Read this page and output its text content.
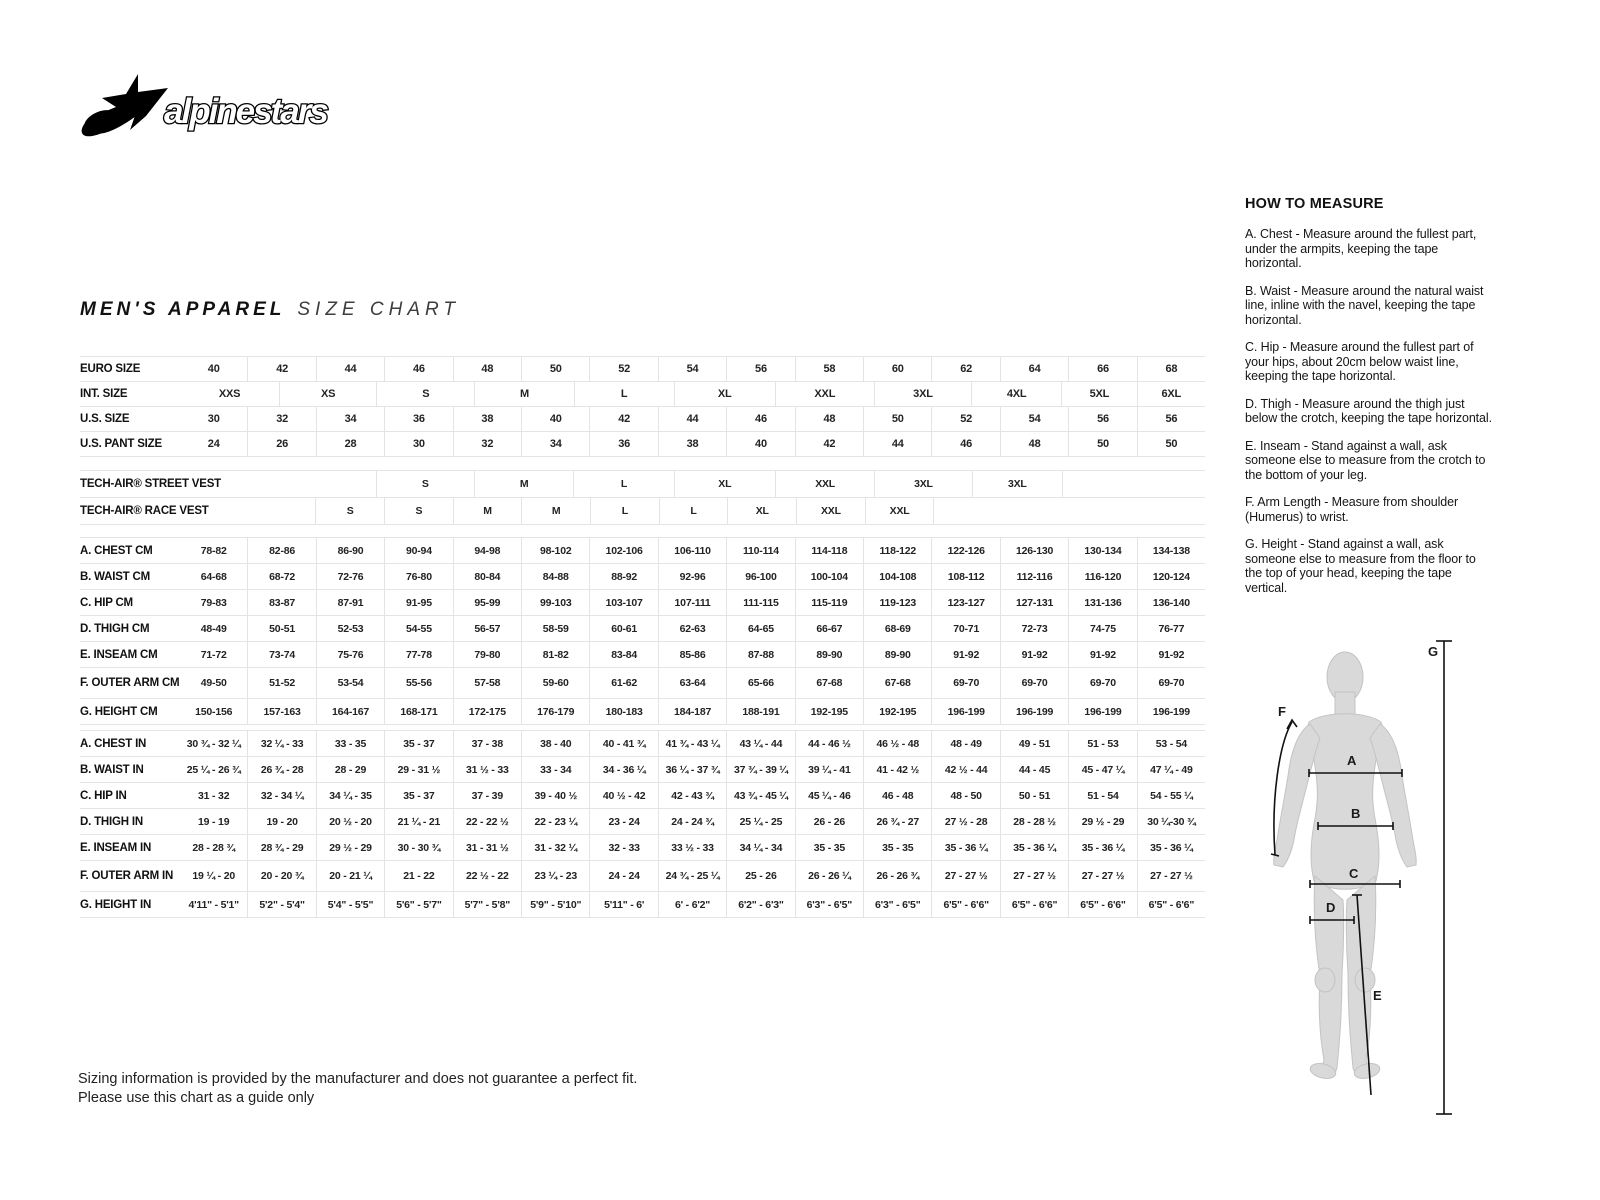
alpinestars
MEN'S APPAREL SIZE CHART
EURO SIZE	40	42	44	46	48	50	52	54	56	58	60	62	64	66	68
INT. SIZE	XXS	XS	S	M	L	XL	XXL	3XL	4XL	5XL	6XL
U.S. SIZE	30	32	34	36	38	40	42	44	46	48	50	52	54	56	56
U.S. PANT SIZE	24	26	28	30	32	34	36	38	40	42	44	46	48	50	50
TECH-AIR® STREET VEST	S	M	L	XL	XXL	3XL	3XL
TECH-AIR® RACE VEST	S	S	M	M	L	L	XL	XXL	XXL
A. CHEST CM	78-82	82-86	86-90	90-94	94-98	98-102	102-106	106-110	110-114	114-118	118-122	122-126	126-130	130-134	134-138
B. WAIST CM	64-68	68-72	72-76	76-80	80-84	84-88	88-92	92-96	96-100	100-104	104-108	108-112	112-116	116-120	120-124
C. HIP CM	79-83	83-87	87-91	91-95	95-99	99-103	103-107	107-111	111-115	115-119	119-123	123-127	127-131	131-136	136-140
D. THIGH CM	48-49	50-51	52-53	54-55	56-57	58-59	60-61	62-63	64-65	66-67	68-69	70-71	72-73	74-75	76-77
E. INSEAM CM	71-72	73-74	75-76	77-78	79-80	81-82	83-84	85-86	87-88	89-90	89-90	91-92	91-92	91-92	91-92
F. OUTER ARM CM	49-50	51-52	53-54	55-56	57-58	59-60	61-62	63-64	65-66	67-68	67-68	69-70	69-70	69-70	69-70
G. HEIGHT CM	150-156	157-163	164-167	168-171	172-175	176-179	180-183	184-187	188-191	192-195	192-195	196-199	196-199	196-199	196-199
A. CHEST IN	30 ¾ - 32 ¼	32 ¼ - 33	33 - 35	35 - 37	37 - 38	38 - 40	40 - 41 ¾	41 ¾ - 43 ¼	43 ¼ - 44	44 - 46 ½	46 ½ - 48	48 - 49	49 - 51	51 - 53	53 - 54
B. WAIST IN	25 ¼ - 26 ¾	26 ¾ - 28	28 - 29	29 - 31 ½	31 ½ - 33	33 - 34	34 - 36 ¼	36 ¼ - 37 ¾	37 ¾ - 39 ¼	39 ¼ - 41	41 - 42 ½	42 ½ - 44	44 - 45	45 - 47 ¼	47 ¼ - 49
C. HIP IN	31 - 32	32 - 34 ¼	34 ¼ - 35	35 - 37	37 - 39	39 - 40 ½	40 ½ - 42	42 - 43 ¾	43 ¾ - 45 ¼	45 ¼ - 46	46 - 48	48 - 50	50 - 51	51 - 54	54 - 55 ¼
D. THIGH IN	19 - 19	19 - 20	20 ½ - 20	21 ¼ - 21	22 - 22 ½	22 - 23 ¼	23 - 24	24 - 24 ¾	25 ¼ - 25	26 - 26	26 ¾ - 27	27 ½ - 28	28 - 28 ½	29 ½ - 29	30 ¼-30 ¾
E. INSEAM IN	28 - 28 ¾	28 ¾ - 29	29 ½ - 29	30 - 30 ¾	31 - 31 ½	31 - 32 ¼	32 - 33	33 ½ - 33	34 ¼ - 34	35 - 35	35 - 35	35 - 36 ¼	35 - 36 ¼	35 - 36 ¼	35 - 36 ¼
F. OUTER ARM IN	19 ¼ - 20	20 - 20 ¾	20 - 21 ¼	21 - 22	22 ½ - 22	23 ¼ - 23	24 - 24	24 ¾ - 25 ¼	25 - 26	26 - 26 ¼	26 - 26 ¾	27 - 27 ½	27 - 27 ½	27 - 27 ½	27 - 27 ½
G. HEIGHT IN	4'11" - 5'1"	5'2" - 5'4"	5'4" - 5'5"	5'6" - 5'7"	5'7" - 5'8"	5'9" - 5'10"	5'11" - 6'	6' - 6'2"	6'2" - 6'3"	6'3" - 6'5"	6'3" - 6'5"	6'5" - 6'6"	6'5" - 6'6"	6'5" - 6'6"	6'5" - 6'6"
HOW TO MEASURE

A. Chest - Measure around the fullest part, under the armpits, keeping the tape horizontal.

B. Waist - Measure around the natural waist line, inline with the navel, keeping the tape horizontal.

C. Hip - Measure around the fullest part of your hips, about 20cm below waist line, keeping the tape horizontal.

D. Thigh - Measure around the thigh just below the crotch, keeping the tape horizontal.

E. Inseam - Stand against a wall, ask someone else to measure from the crotch to the bottom of your leg.

F. Arm Length - Measure from shoulder (Humerus) to wrist.

G. Height - Stand against a wall, ask someone else to measure from the floor to the top of your head, keeping the tape vertical.

A
B
C
D
E
F
G
Sizing information is provided by the manufacturer and does not guarantee a perfect fit.
Please use this chart as a guide only
